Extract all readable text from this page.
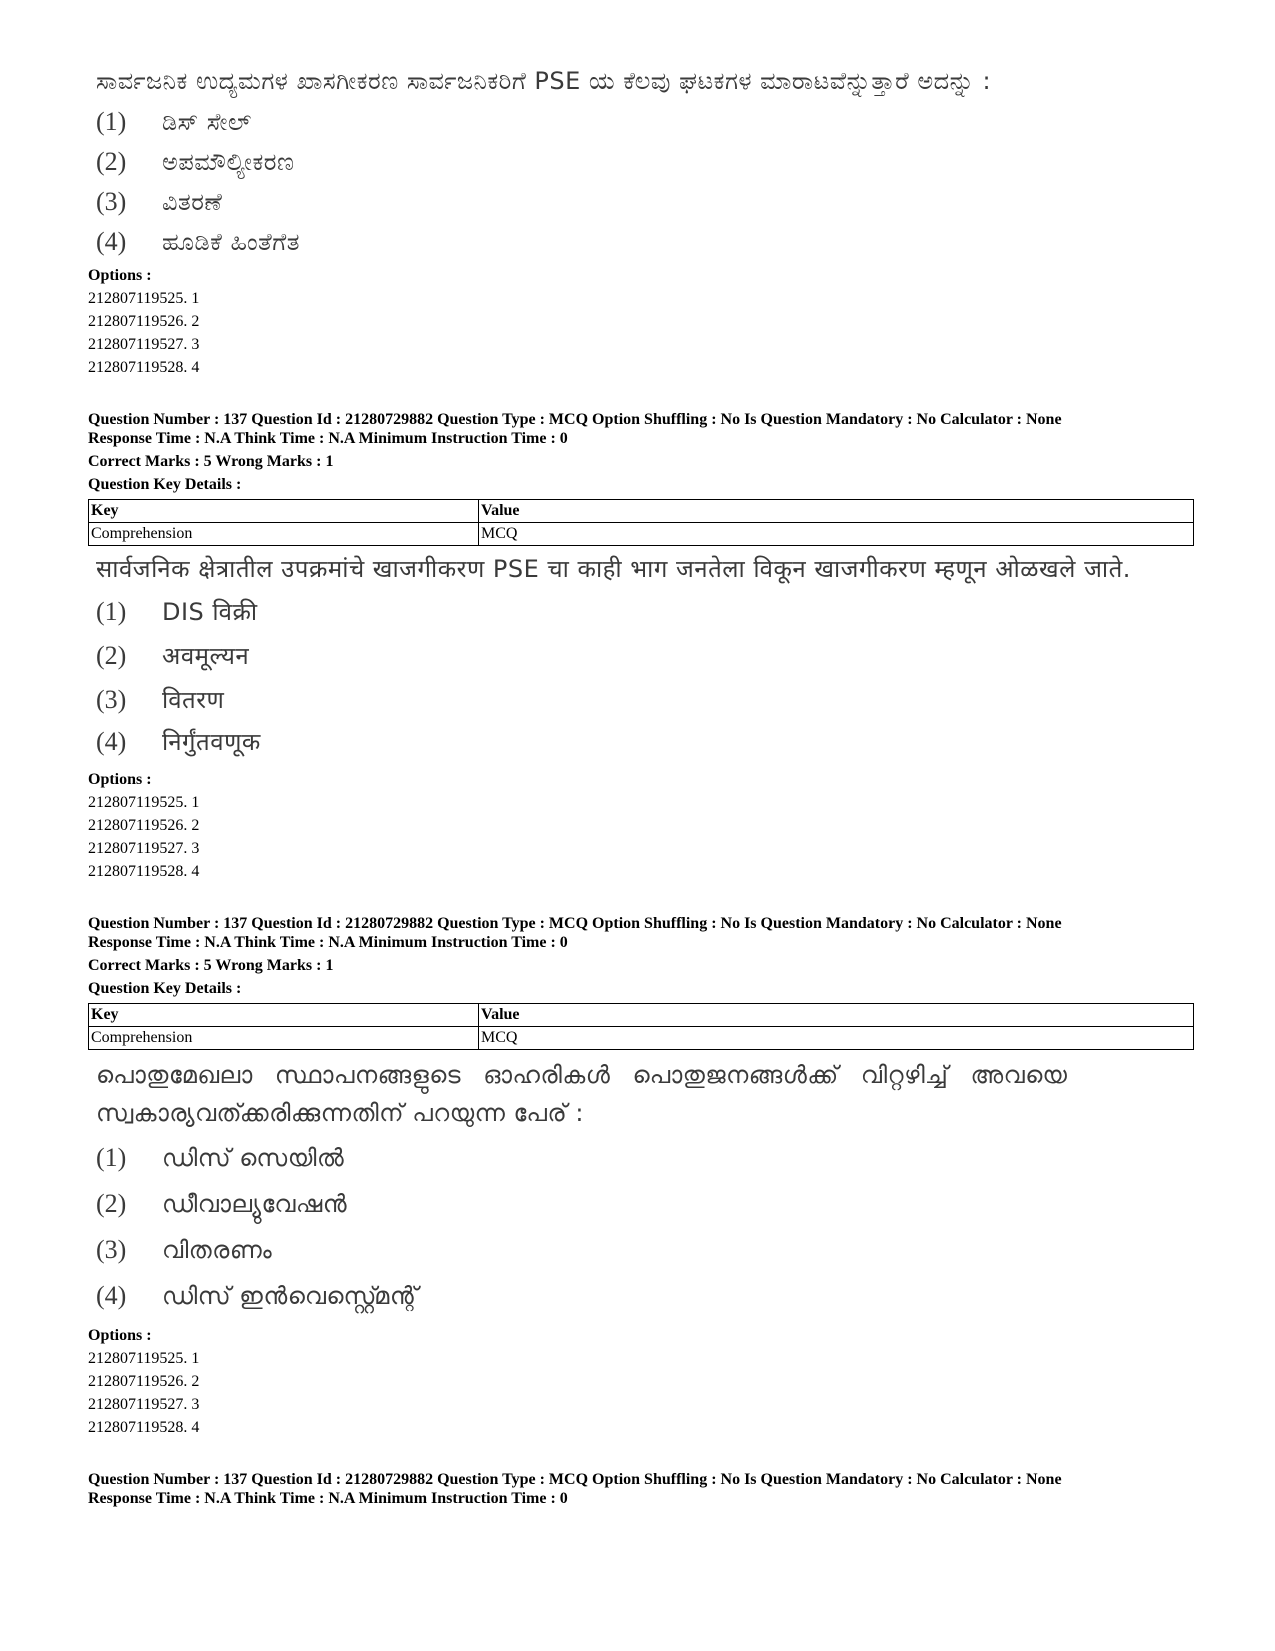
ಸಾರ್ವಜನಿಕ ಉದ್ಯಮಗಳ ಖಾಸಗೀಕರಣ ಸಾರ್ವಜನಿಕರಿಗೆ PSE ಯ ಕೆಲವು ಘಟಕಗಳ ಮಾರಾಟವೆನ್ನುತ್ತಾರೆ ಅದನ್ನು :
(1) ಡಿಸ್ ಸೇಲ್
(2) ಅಪಮೌಲ್ಯೀಕರಣ
(3) ವಿತರಣೆ
(4) ಹೂಡಿಕೆ ಹಿಂತೆಗೆತ
Options :
212807119525. 1
212807119526. 2
212807119527. 3
212807119528. 4
Question Number : 137 Question Id : 21280729882 Question Type : MCQ Option Shuffling : No Is Question Mandatory : No Calculator : None
Response Time : N.A Think Time : N.A Minimum Instruction Time : 0
Correct Marks : 5 Wrong Marks : 1
Question Key Details :
Key	Value
Comprehension	MCQ
सार्वजनिक क्षेत्रातील उपक्रमांचे खाजगीकरण PSE चा काही भाग जनतेला विकून खाजगीकरण म्हणून ओळखले जाते.
(1) DIS विक्री
(2) अवमूल्यन
(3) वितरण
(4) निर्गुंतवणूक
Options :
212807119525. 1
212807119526. 2
212807119527. 3
212807119528. 4
Question Number : 137 Question Id : 21280729882 Question Type : MCQ Option Shuffling : No Is Question Mandatory : No Calculator : None
Response Time : N.A Think Time : N.A Minimum Instruction Time : 0
Correct Marks : 5 Wrong Marks : 1
Question Key Details :
Key	Value
Comprehension	MCQ
പൊതുമേഖലാ സ്ഥാപനങ്ങളുടെ ഓഹരികൾ പൊതുജനങ്ങൾക്ക് വിറ്റഴിച്ച് അവയെ
സ്വകാര്യവത്ക്കരിക്കുന്നതിന് പറയുന്ന പേര് :
(1) ഡിസ് സെയിൽ
(2) ഡീവാല്യുവേഷൻ
(3) വിതരണം
(4) ഡിസ് ഇൻവെസ്റ്റ്മെന്റ്
Options :
212807119525. 1
212807119526. 2
212807119527. 3
212807119528. 4
Question Number : 137 Question Id : 21280729882 Question Type : MCQ Option Shuffling : No Is Question Mandatory : No Calculator : None
Response Time : N.A Think Time : N.A Minimum Instruction Time : 0
